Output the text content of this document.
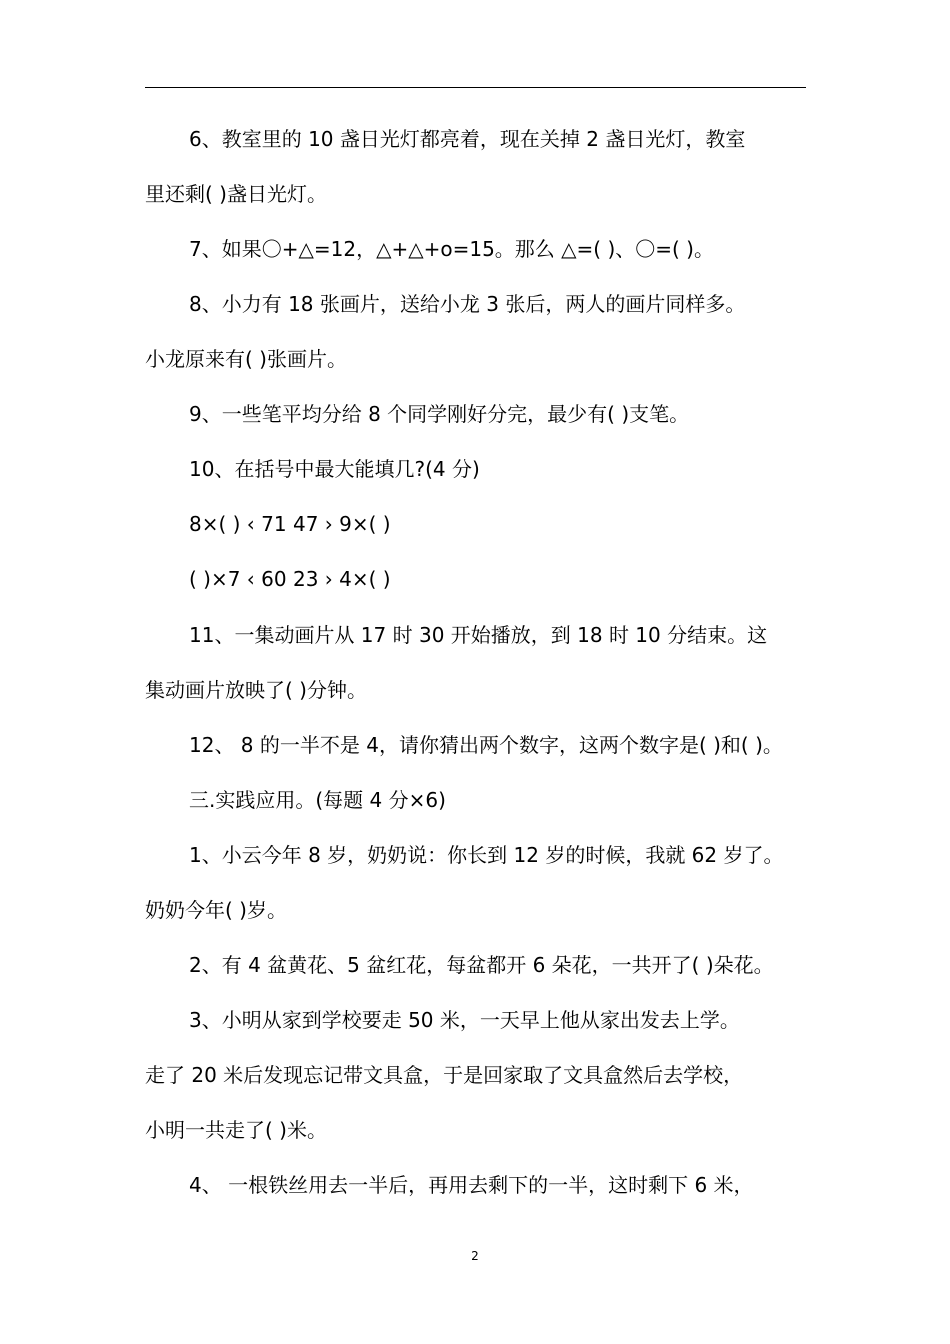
6、教室里的 10 盏日光灯都亮着，现在关掉 2 盏日光灯，教室
里还剩( )盏日光灯。
7、如果〇+△=12，△+△+o=15。那么 △=( )、〇=( )。
8、小力有 18 张画片，送给小龙 3 张后，两人的画片同样多。
小龙原来有( )张画片。
9、一些笔平均分给 8 个同学刚好分完，最少有( )支笔。
10、在括号中最大能填几?(4 分)
8×( ) ‹ 71 47 › 9×( )
( )×7 ‹ 60 23 › 4×( )
11、一集动画片从 17 时 30 开始播放，到 18 时 10 分结束。这
集动画片放映了( )分钟。
12、 8 的一半不是 4，请你猜出两个数字，这两个数字是( )和( )。
三.实践应用。(每题 4 分×6)
1、小云今年 8 岁，奶奶说：你长到 12 岁的时候，我就 62 岁了。
奶奶今年( )岁。
2、有 4 盆黄花、5 盆红花，每盆都开 6 朵花，一共开了( )朵花。
3、小明从家到学校要走 50 米，一天早上他从家出发去上学。
走了 20 米后发现忘记带文具盒，于是回家取了文具盒然后去学校，
小明一共走了( )米。
4、 一根铁丝用去一半后，再用去剩下的一半，这时剩下 6 米，
2
